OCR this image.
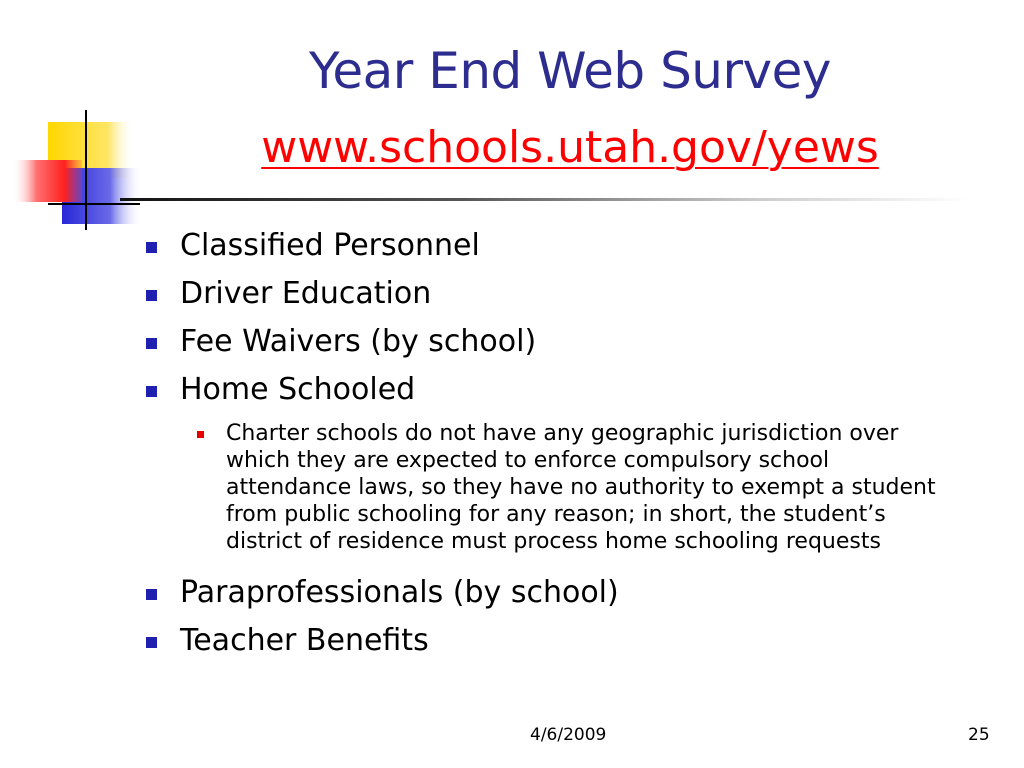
Year End Web Survey
www.schools.utah.gov/yews
Classified Personnel
Driver Education
Fee Waivers (by school)
Home Schooled
Charter schools do not have any geographic jurisdiction over which they are expected to enforce compulsory school attendance laws, so they have no authority to exempt a student from public schooling for any reason; in short, the student’s district of residence must process home schooling requests
Paraprofessionals (by school)
Teacher Benefits
4/6/2009	25
